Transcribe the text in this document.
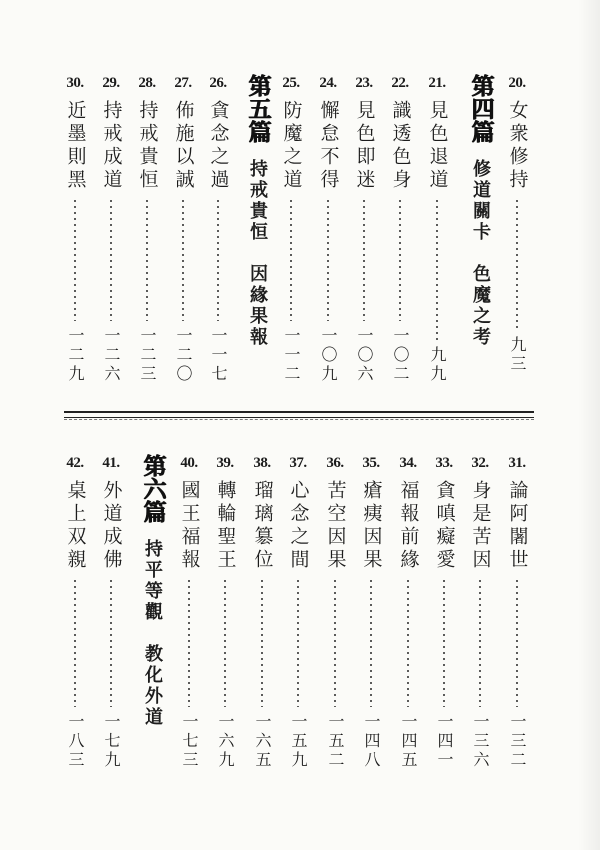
20.
女衆修持
九三
第四篇
修道關卡　色魔之考
21.
見色退道
九九
22.
識透色身
一〇二
23.
見色即迷
一〇六
24.
懈怠不得
一〇九
25.
防魔之道
一一二
第五篇
持戒貴恒　因緣果報
26.
貪念之過
一一七
27.
佈施以誠
一二〇
28.
持戒貴恒
一二三
29.
持戒成道
一二六
30.
近墨則黑
一二九
31.
論阿闍世
一三二
32.
身是苦因
一三六
33.
貪嗔癡愛
一四一
34.
福報前緣
一四五
35.
瘡痍因果
一四八
36.
苦空因果
一五二
37.
心念之間
一五九
38.
瑠璃簒位
一六五
39.
轉輪聖王
一六九
40.
國王福報
一七三
第六篇
持平等觀　教化外道
41.
外道成佛
一七九
42.
桌上双親
一八三
